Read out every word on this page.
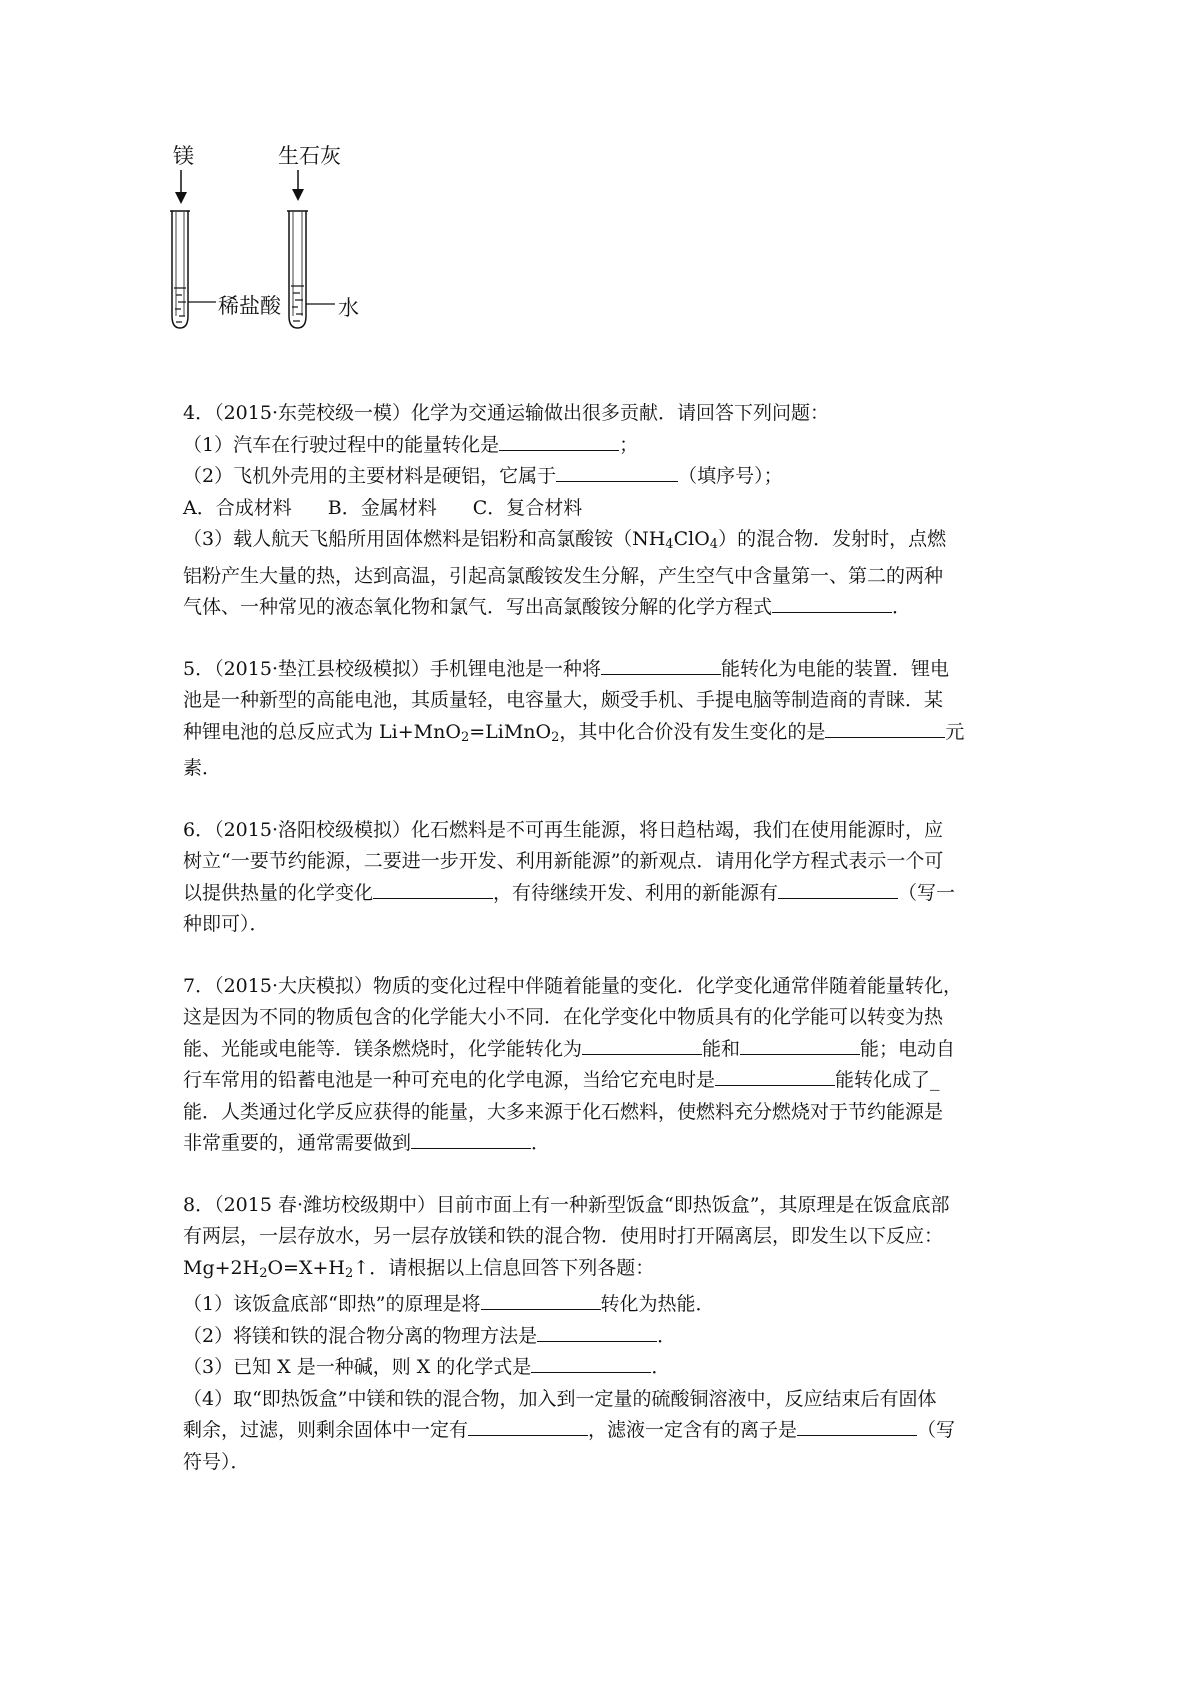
镁	生石灰
稀盐酸	水
4．（2015·东莞校级一模）化学为交通运输做出很多贡献．请回答下列问题：
（1）汽车在行驶过程中的能量转化是	；
（2）飞机外壳用的主要材料是硬铝，它属于	（填序号）；
A．合成材料 B．金属材料 C．复合材料
（3）载人航天飞船所用固体燃料是铝粉和高氯酸铵$(NH_4ClO_4)$的混合物．发射时，点燃
铝粉产生大量的热，达到高温，引起高氯酸铵发生分解，产生空气中含量第一、第二的两种
气体、一种常见的液态氧化物和氯气．写出高氯酸铵分解的化学方程式	．
5．（2015·垫江县校级模拟）手机锂电池是一种将	能转化为电能的装置．锂电
池是一种新型的高能电池，其质量轻，电容量大，颇受手机、手提电脑等制造商的青睐．某
种锂电池的总反应式为 Li+MnO$_2$=LiMnO$_2$，其中化合价没有发生变化的是	元
素．
6．（2015·洛阳校级模拟）化石燃料是不可再生能源，将日趋枯竭，我们在使用能源时，应
树立“一要节约能源，二要进一步开发、利用新能源”的新观点．请用化学方程式表示一个可
以提供热量的化学变化	，有待继续开发、利用的新能源有	（写一
种即可）．
7．（2015·大庆模拟）物质的变化过程中伴随着能量的变化．化学变化通常伴随着能量转化，
这是因为不同的物质包含的化学能大小不同．在化学变化中物质具有的化学能可以转变为热
能、光能或电能等．镁条燃烧时，化学能转化为	能和	能；电动自
行车常用的铅蓄电池是一种可充电的化学电源，当给它充电时是	能转化成了_
能．人类通过化学反应获得的能量，大多来源于化石燃料，使燃料充分燃烧对于节约能源是
非常重要的，通常需要做到	．
8．（2015 春·潍坊校级期中）目前市面上有一种新型饭盒“即热饭盒”，其原理是在饭盒底部
有两层，一层存放水，另一层存放镁和铁的混合物．使用时打开隔离层，即发生以下反应：
$Mg+2H_2O=X+H_2↑$．请根据以上信息回答下列各题：
（1）该饭盒底部“即热”的原理是将	转化为热能．
（2）将镁和铁的混合物分离的物理方法是	．
（3）已知 X 是一种碱，则 X 的化学式是	．
（4）取“即热饭盒”中镁和铁的混合物，加入到一定量的硫酸铜溶液中，反应结束后有固体
剩余，过滤，则剩余固体中一定有	，滤液一定含有的离子是	（写
符号）．
